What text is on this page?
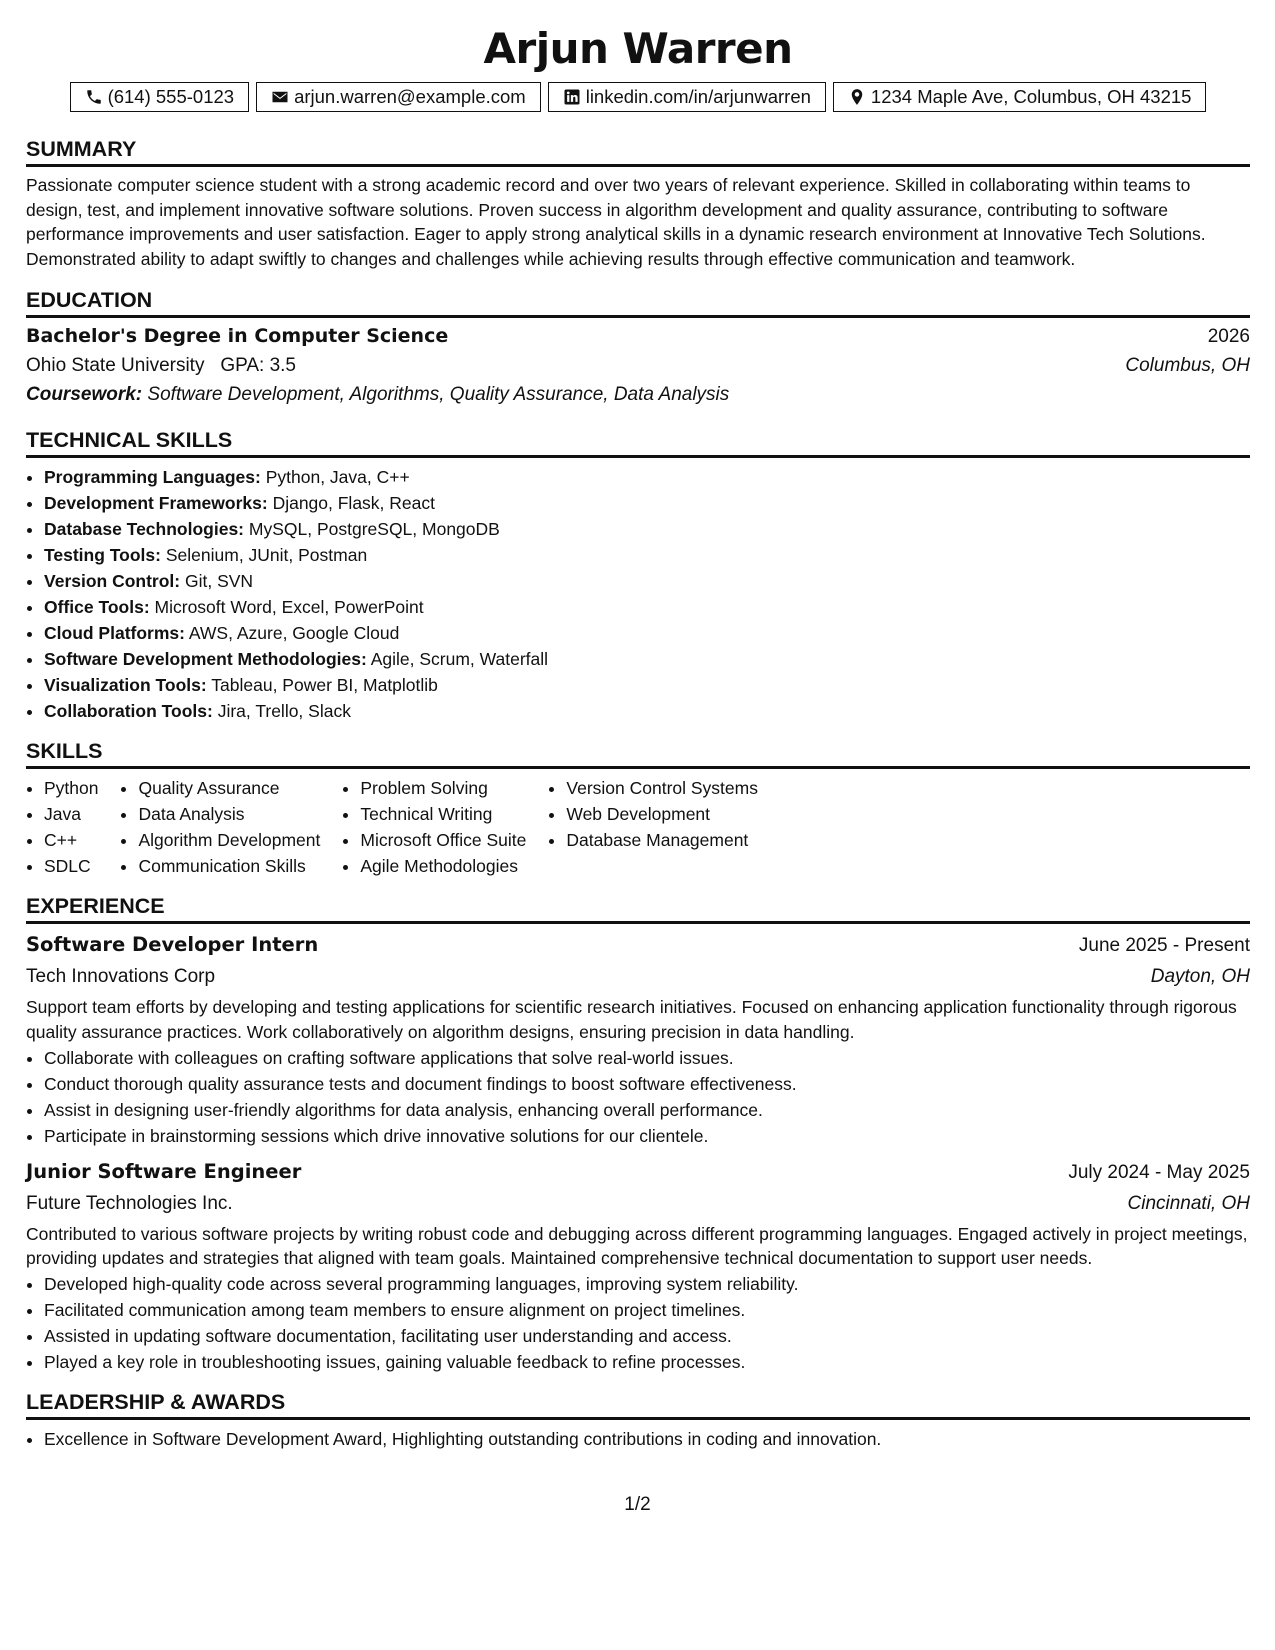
Arjun Warren
(614) 555-0123	arjun.warren@example.com	linkedin.com/in/arjunwarren	1234 Maple Ave, Columbus, OH 43215
SUMMARY
Passionate computer science student with a strong academic record and over two years of relevant experience. Skilled in collaborating within teams to design, test, and implement innovative software solutions. Proven success in algorithm development and quality assurance, contributing to software performance improvements and user satisfaction. Eager to apply strong analytical skills in a dynamic research environment at Innovative Tech Solutions. Demonstrated ability to adapt swiftly to changes and challenges while achieving results through effective communication and teamwork.
EDUCATION
Bachelor's Degree in Computer Science	2026
Ohio State University GPA: 3.5	Columbus, OH
Coursework: Software Development, Algorithms, Quality Assurance, Data Analysis
TECHNICAL SKILLS
• Programming Languages: Python, Java, C++
• Development Frameworks: Django, Flask, React
• Database Technologies: MySQL, PostgreSQL, MongoDB
• Testing Tools: Selenium, JUnit, Postman
• Version Control: Git, SVN
• Office Tools: Microsoft Word, Excel, PowerPoint
• Cloud Platforms: AWS, Azure, Google Cloud
• Software Development Methodologies: Agile, Scrum, Waterfall
• Visualization Tools: Tableau, Power BI, Matplotlib
• Collaboration Tools: Jira, Trello, Slack
SKILLS
• Python
• Java
• C++
• SDLC
• Quality Assurance
• Data Analysis
• Algorithm Development
• Communication Skills
• Problem Solving
• Technical Writing
• Microsoft Office Suite
• Agile Methodologies
• Version Control Systems
• Web Development
• Database Management
EXPERIENCE
Software Developer Intern	June 2025 - Present
Tech Innovations Corp	Dayton, OH
Support team efforts by developing and testing applications for scientific research initiatives. Focused on enhancing application functionality through rigorous quality assurance practices. Work collaboratively on algorithm designs, ensuring precision in data handling.
• Collaborate with colleagues on crafting software applications that solve real-world issues.
• Conduct thorough quality assurance tests and document findings to boost software effectiveness.
• Assist in designing user-friendly algorithms for data analysis, enhancing overall performance.
• Participate in brainstorming sessions which drive innovative solutions for our clientele.
Junior Software Engineer	July 2024 - May 2025
Future Technologies Inc.	Cincinnati, OH
Contributed to various software projects by writing robust code and debugging across different programming languages. Engaged actively in project meetings, providing updates and strategies that aligned with team goals. Maintained comprehensive technical documentation to support user needs.
• Developed high-quality code across several programming languages, improving system reliability.
• Facilitated communication among team members to ensure alignment on project timelines.
• Assisted in updating software documentation, facilitating user understanding and access.
• Played a key role in troubleshooting issues, gaining valuable feedback to refine processes.
LEADERSHIP & AWARDS
• Excellence in Software Development Award, Highlighting outstanding contributions in coding and innovation.
1/2
